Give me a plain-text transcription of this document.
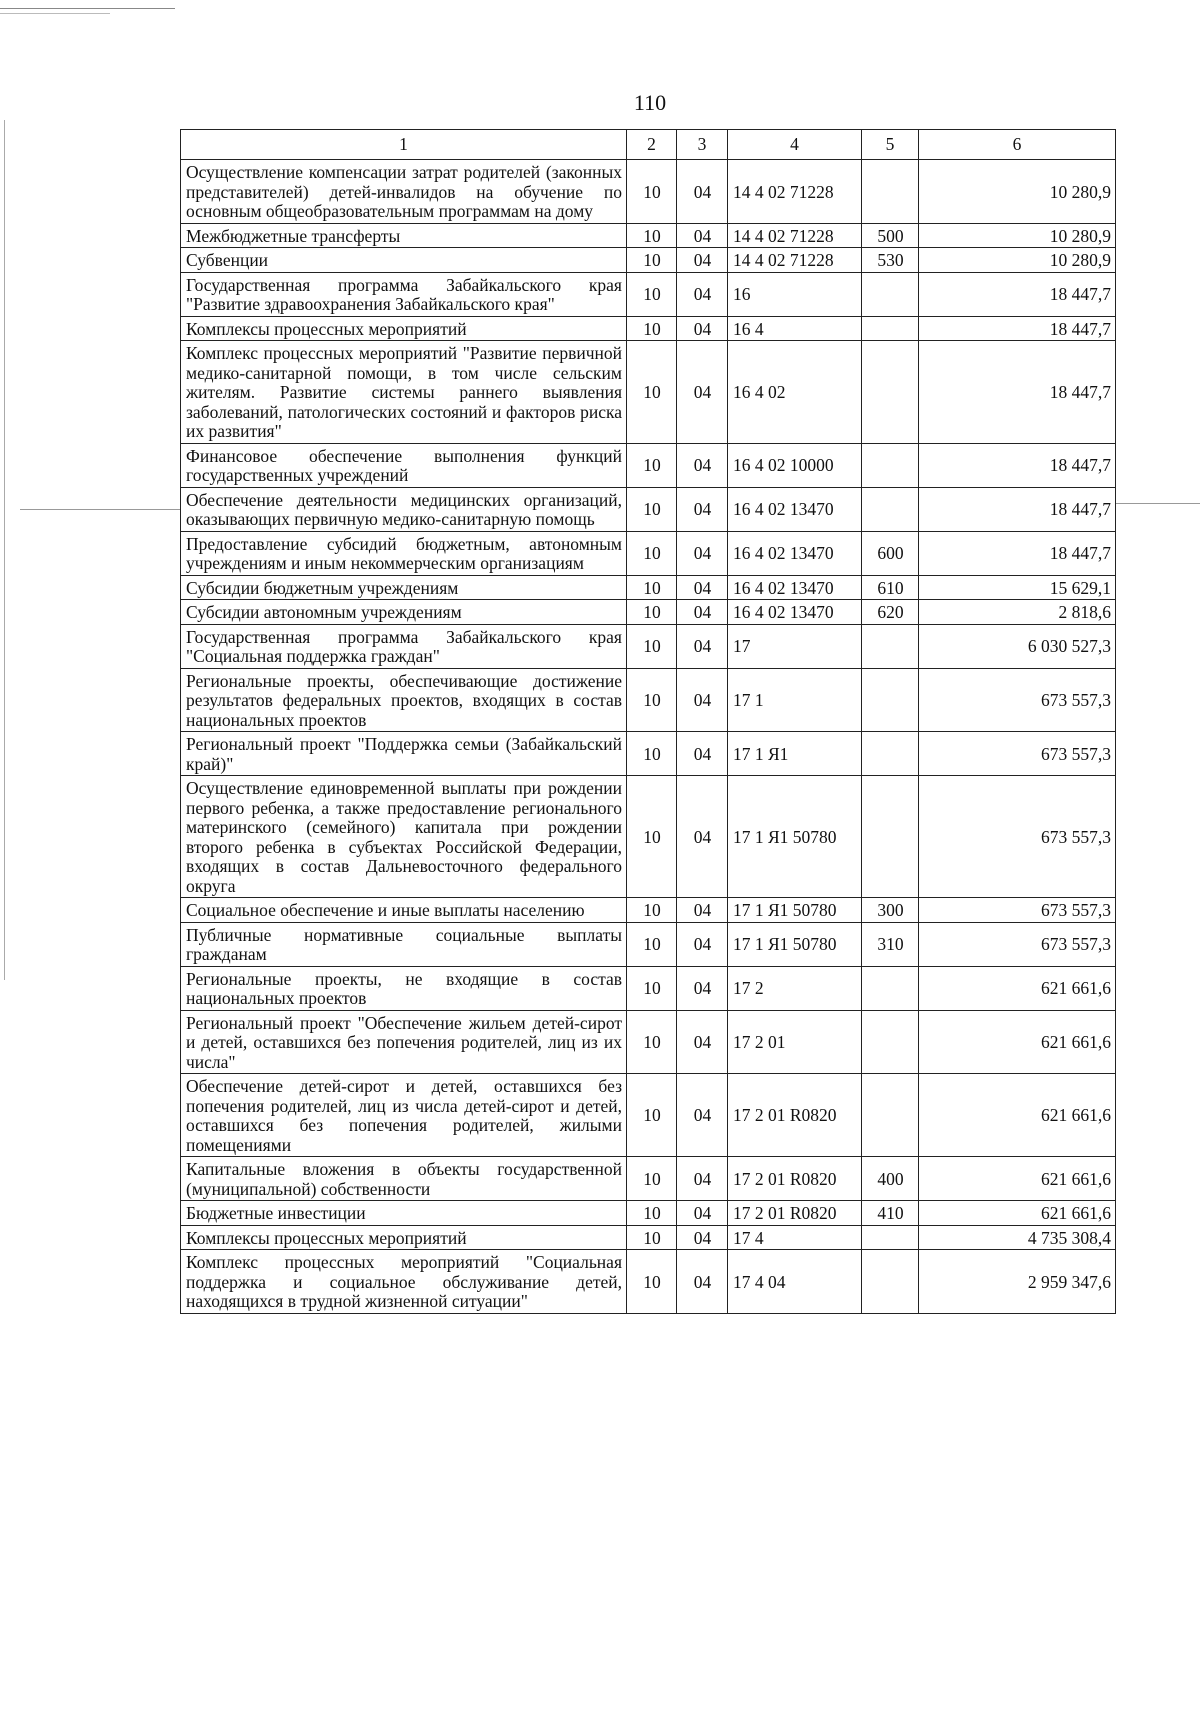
110
1	2	3	4	5	6
Осуществление компенсации затрат родителей (законных представителей) детей-инвалидов на обучение по основным общеобразовательным программам на дому	10	04	14 4 02 71228		10 280,9
Межбюджетные трансферты	10	04	14 4 02 71228	500	10 280,9
Субвенции	10	04	14 4 02 71228	530	10 280,9
Государственная программа Забайкальского края "Развитие здравоохранения Забайкальского края"	10	04	16		18 447,7
Комплексы процессных мероприятий	10	04	16 4		18 447,7
Комплекс процессных мероприятий "Развитие первичной медико-санитарной помощи, в том числе сельским жителям. Развитие системы раннего выявления заболеваний, патологических состояний и факторов риска их развития"	10	04	16 4 02		18 447,7
Финансовое обеспечение выполнения функций государственных учреждений	10	04	16 4 02 10000		18 447,7
Обеспечение деятельности медицинских организаций, оказывающих первичную медико-санитарную помощь	10	04	16 4 02 13470		18 447,7
Предоставление субсидий бюджетным, автономным учреждениям и иным некоммерческим организациям	10	04	16 4 02 13470	600	18 447,7
Субсидии бюджетным учреждениям	10	04	16 4 02 13470	610	15 629,1
Субсидии автономным учреждениям	10	04	16 4 02 13470	620	2 818,6
Государственная программа Забайкальского края "Социальная поддержка граждан"	10	04	17		6 030 527,3
Региональные проекты, обеспечивающие достижение результатов федеральных проектов, входящих в состав национальных проектов	10	04	17 1		673 557,3
Региональный проект "Поддержка семьи (Забайкальский край)"	10	04	17 1 Я1		673 557,3
Осуществление единовременной выплаты при рождении первого ребенка, а также предоставление регионального материнского (семейного) капитала при рождении второго ребенка в субъектах Российской Федерации, входящих в состав Дальневосточного федерального округа	10	04	17 1 Я1 50780		673 557,3
Социальное обеспечение и иные выплаты населению	10	04	17 1 Я1 50780	300	673 557,3
Публичные нормативные социальные выплаты гражданам	10	04	17 1 Я1 50780	310	673 557,3
Региональные проекты, не входящие в состав национальных проектов	10	04	17 2		621 661,6
Региональный проект "Обеспечение жильем детей-сирот и детей, оставшихся без попечения родителей, лиц из их числа"	10	04	17 2 01		621 661,6
Обеспечение детей-сирот и детей, оставшихся без попечения родителей, лиц из числа детей-сирот и детей, оставшихся без попечения родителей, жилыми помещениями	10	04	17 2 01 R0820		621 661,6
Капитальные вложения в объекты государственной (муниципальной) собственности	10	04	17 2 01 R0820	400	621 661,6
Бюджетные инвестиции	10	04	17 2 01 R0820	410	621 661,6
Комплексы процессных мероприятий	10	04	17 4		4 735 308,4
Комплекс процессных мероприятий "Социальная поддержка и социальное обслуживание детей, находящихся в трудной жизненной ситуации"	10	04	17 4 04		2 959 347,6
